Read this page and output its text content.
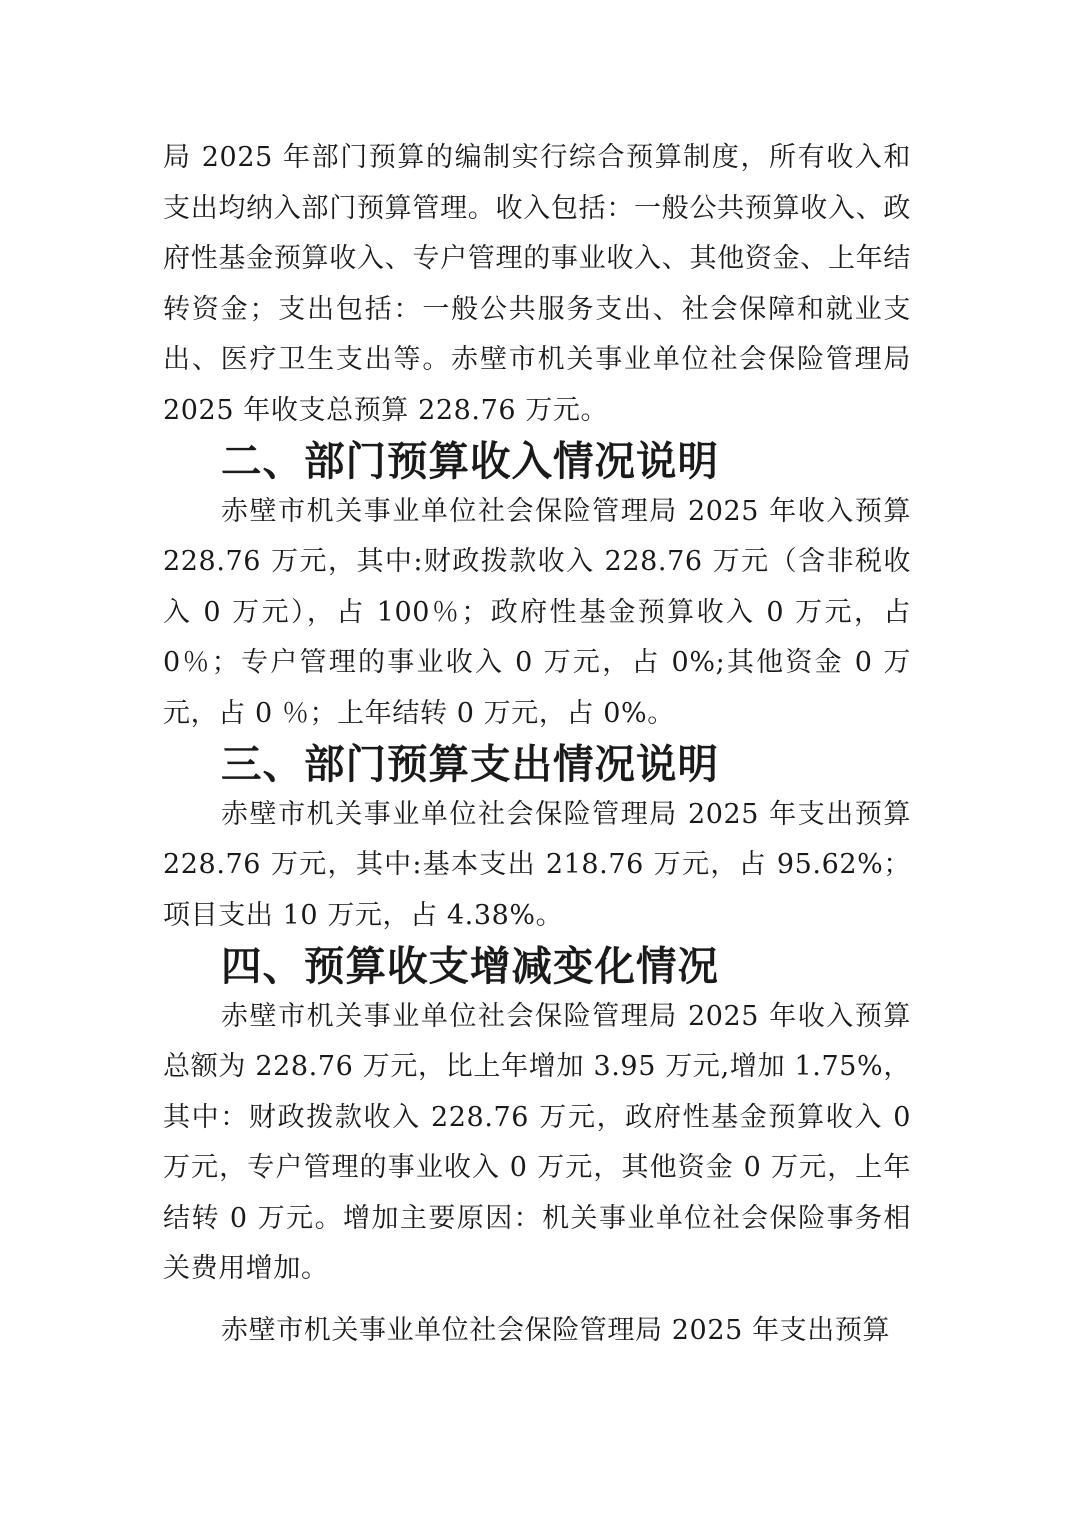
局 2025 年部门预算的编制实行综合预算制度，所有收入和支出均纳入部门预算管理。收入包括：一般公共预算收入、政府性基金预算收入、专户管理的事业收入、其他资金、上年结转资金；支出包括：一般公共服务支出、社会保障和就业支出、医疗卫生支出等。赤壁市机关事业单位社会保险管理局 2025 年收支总预算 228.76 万元。

二、部门预算收入情况说明

赤壁市机关事业单位社会保险管理局 2025 年收入预算 228.76 万元，其中:财政拨款收入 228.76 万元（含非税收入 0 万元），占 100％；政府性基金预算收入 0 万元，占 0％；专户管理的事业收入 0 万元，占 0%;其他资金 0 万元，占 0 ％；上年结转 0 万元，占 0%。

三、部门预算支出情况说明

赤壁市机关事业单位社会保险管理局 2025 年支出预算 228.76 万元，其中:基本支出 218.76 万元，占 95.62%；项目支出 10 万元，占 4.38%。

四、预算收支增减变化情况

赤壁市机关事业单位社会保险管理局 2025 年收入预算总额为 228.76 万元，比上年增加 3.95 万元,增加 1.75%，其中：财政拨款收入 228.76 万元，政府性基金预算收入 0 万元，专户管理的事业收入 0 万元，其他资金 0 万元，上年结转 0 万元。增加主要原因：机关事业单位社会保险事务相关费用增加。

赤壁市机关事业单位社会保险管理局 2025 年支出预算
